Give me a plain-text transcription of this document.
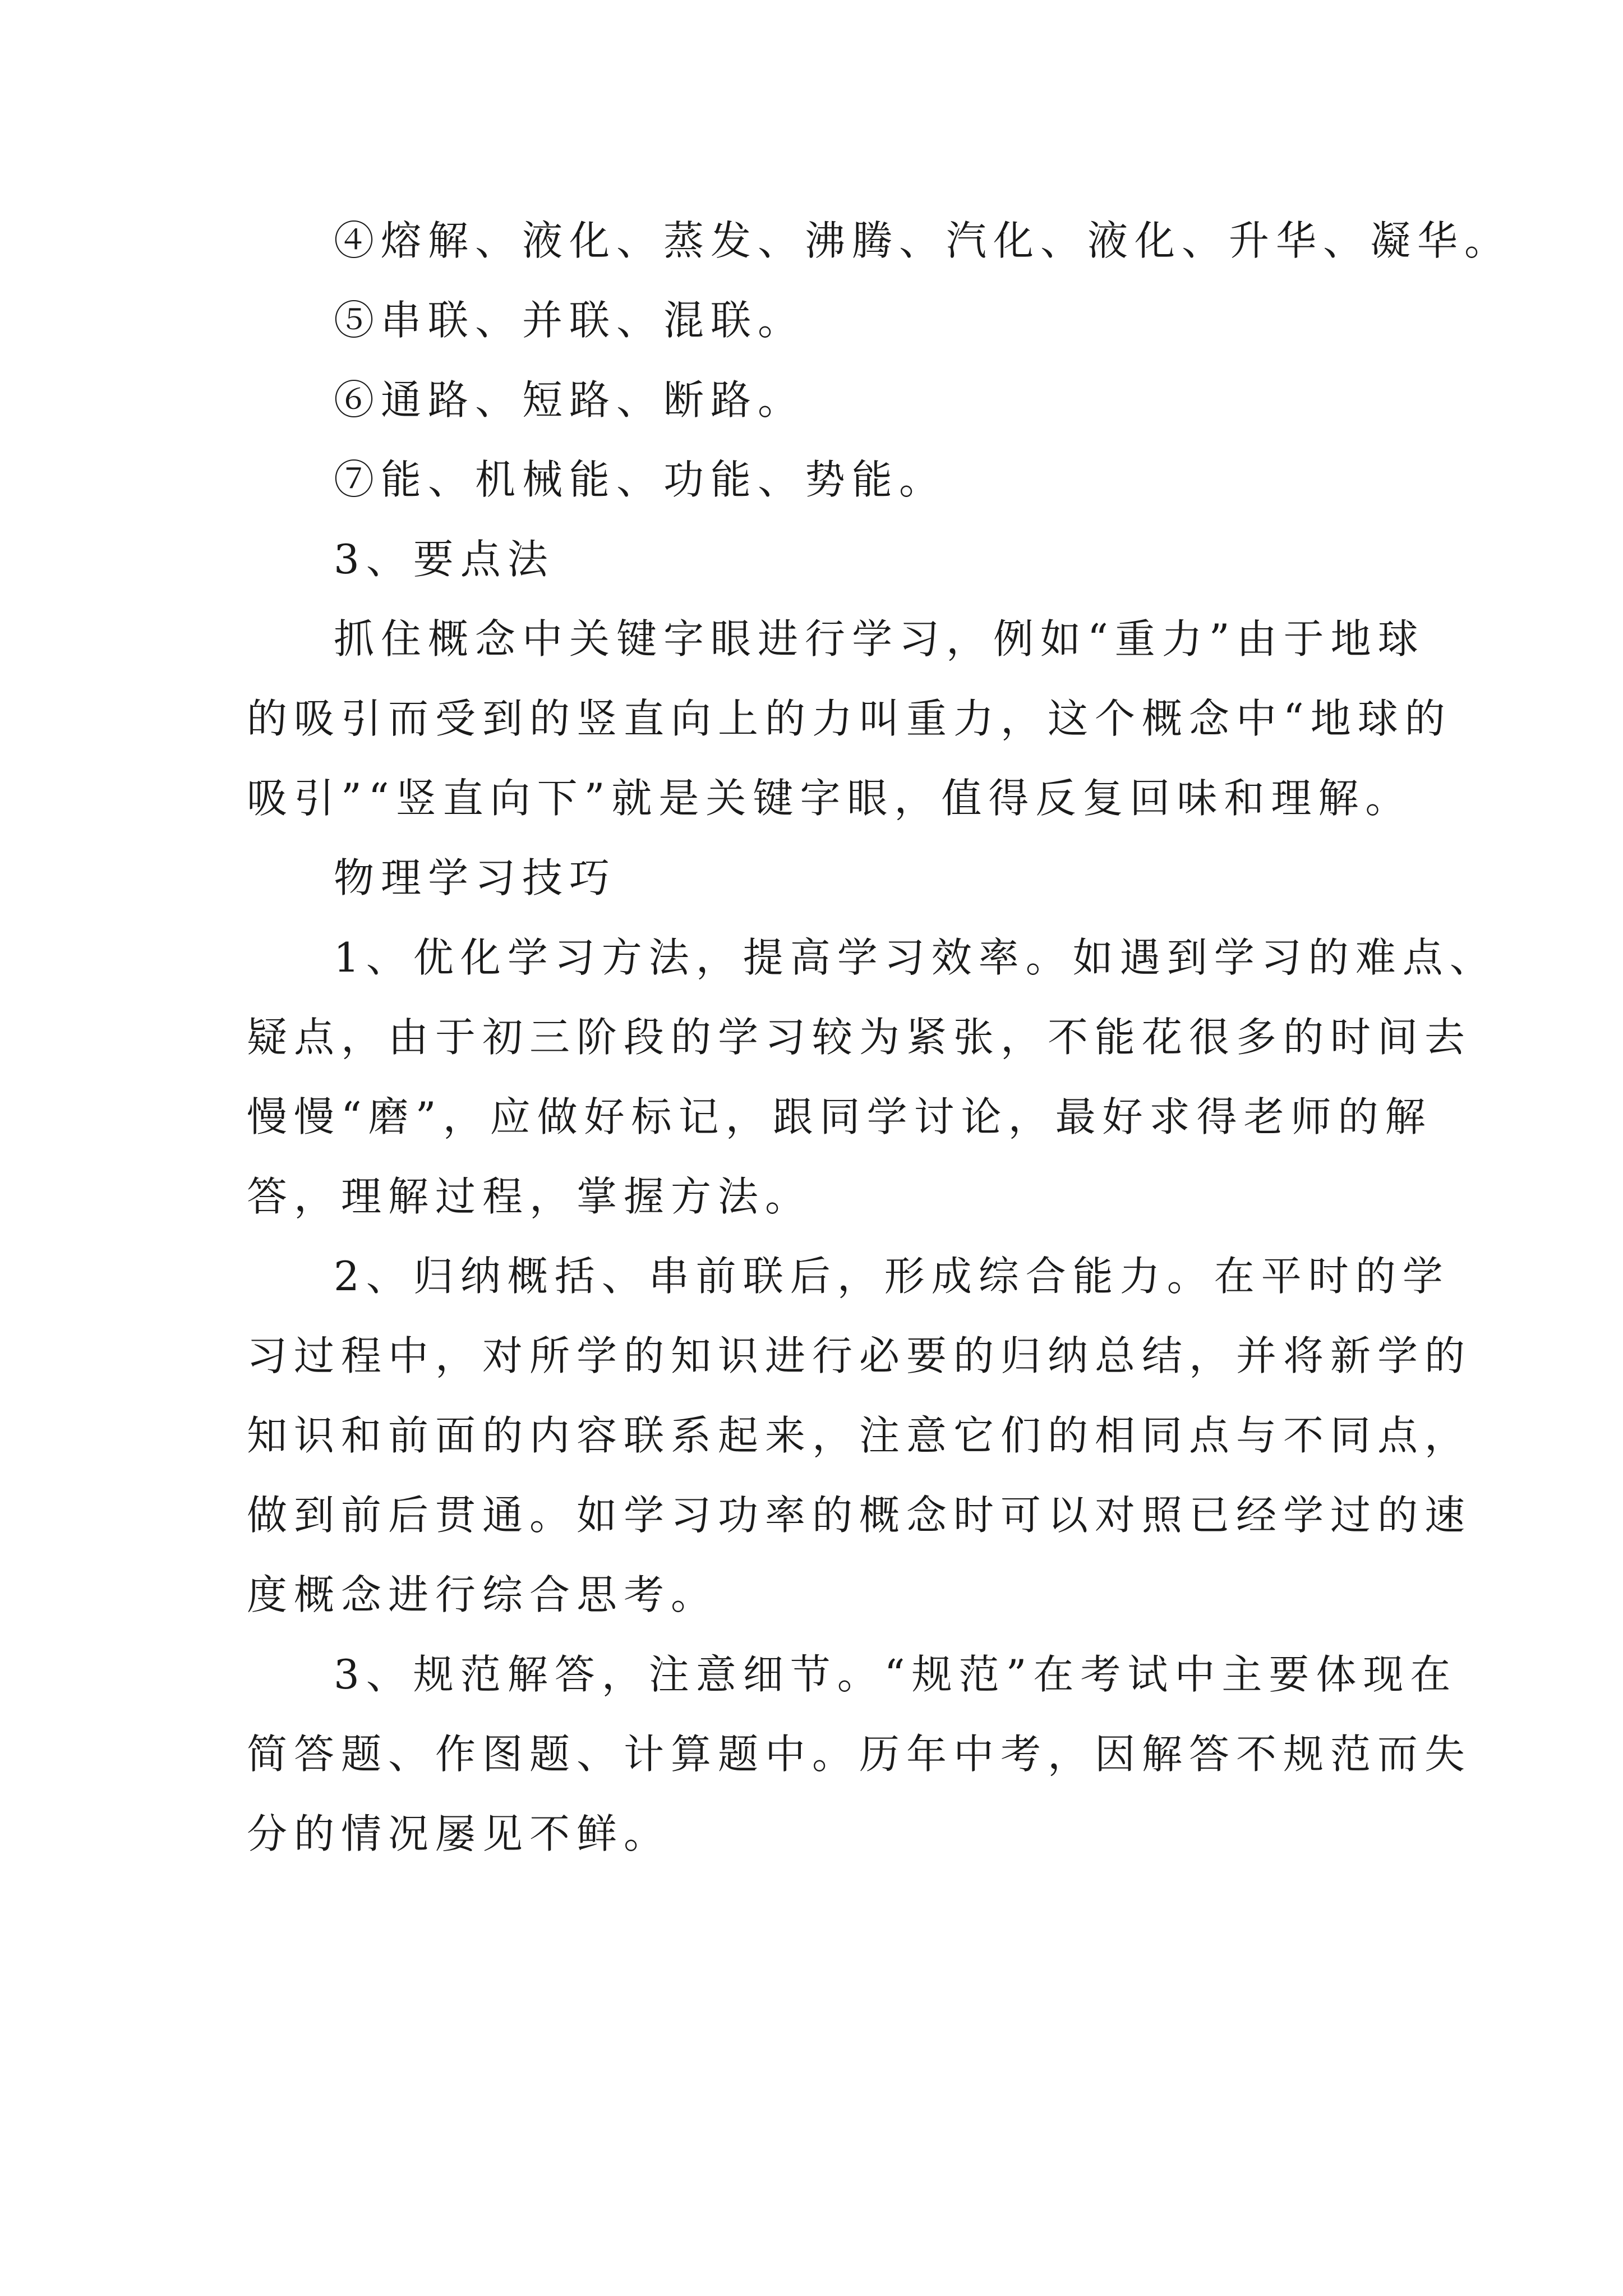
④熔解、液化、蒸发、沸腾、汽化、液化、升华、凝华。
⑤串联、并联、混联。
⑥通路、短路、断路。
⑦能、机械能、功能、势能。
3、要点法
抓住概念中关键字眼进行学习，例如“重力”由于地球
的吸引而受到的竖直向上的力叫重力，这个概念中“地球的
吸引”“竖直向下”就是关键字眼，值得反复回味和理解。
物理学习技巧
1、优化学习方法，提高学习效率。如遇到学习的难点、
疑点，由于初三阶段的学习较为紧张，不能花很多的时间去
慢慢“磨”，应做好标记，跟同学讨论，最好求得老师的解
答，理解过程，掌握方法。
2、归纳概括、串前联后，形成综合能力。在平时的学
习过程中，对所学的知识进行必要的归纳总结，并将新学的
知识和前面的内容联系起来，注意它们的相同点与不同点，
做到前后贯通。如学习功率的概念时可以对照已经学过的速
度概念进行综合思考。
3、规范解答，注意细节。“规范”在考试中主要体现在
简答题、作图题、计算题中。历年中考，因解答不规范而失
分的情况屡见不鲜。
